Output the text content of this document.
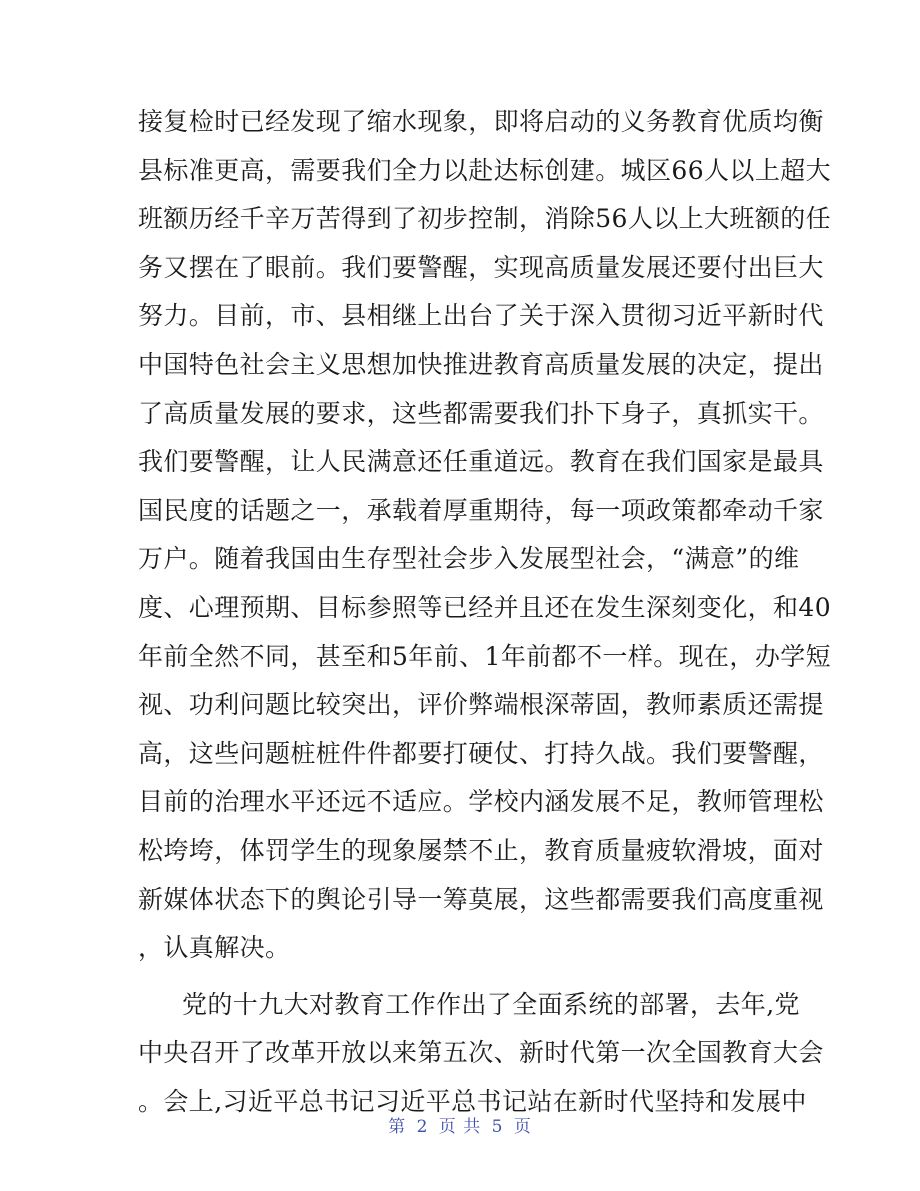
接复检时已经发现了缩水现象，即将启动的义务教育优质均衡
县标准更高，需要我们全力以赴达标创建。城区66人以上超大
班额历经千辛万苦得到了初步控制，消除56人以上大班额的任
务又摆在了眼前。我们要警醒，实现高质量发展还要付出巨大
努力。目前，市、县相继上出台了关于深入贯彻习近平新时代
中国特色社会主义思想加快推进教育高质量发展的决定，提出
了高质量发展的要求，这些都需要我们扑下身子，真抓实干。
我们要警醒，让人民满意还任重道远。教育在我们国家是最具
国民度的话题之一，承载着厚重期待，每一项政策都牵动千家
万户。随着我国由生存型社会步入发展型社会，“满意”的维
度、心理预期、目标参照等已经并且还在发生深刻变化，和40
年前全然不同，甚至和5年前、1年前都不一样。现在，办学短
视、功利问题比较突出，评价弊端根深蒂固，教师素质还需提
高，这些问题桩桩件件都要打硬仗、打持久战。我们要警醒，
目前的治理水平还远不适应。学校内涵发展不足，教师管理松
松垮垮，体罚学生的现象屡禁不止，教育质量疲软滑坡，面对
新媒体状态下的舆论引导一筹莫展，这些都需要我们高度重视
，认真解决。
党的十九大对教育工作作出了全面系统的部署，去年,党
中央召开了改革开放以来第五次、新时代第一次全国教育大会
。会上,习近平总书记习近平总书记站在新时代坚持和发展中
第 2 页 共 5 页
